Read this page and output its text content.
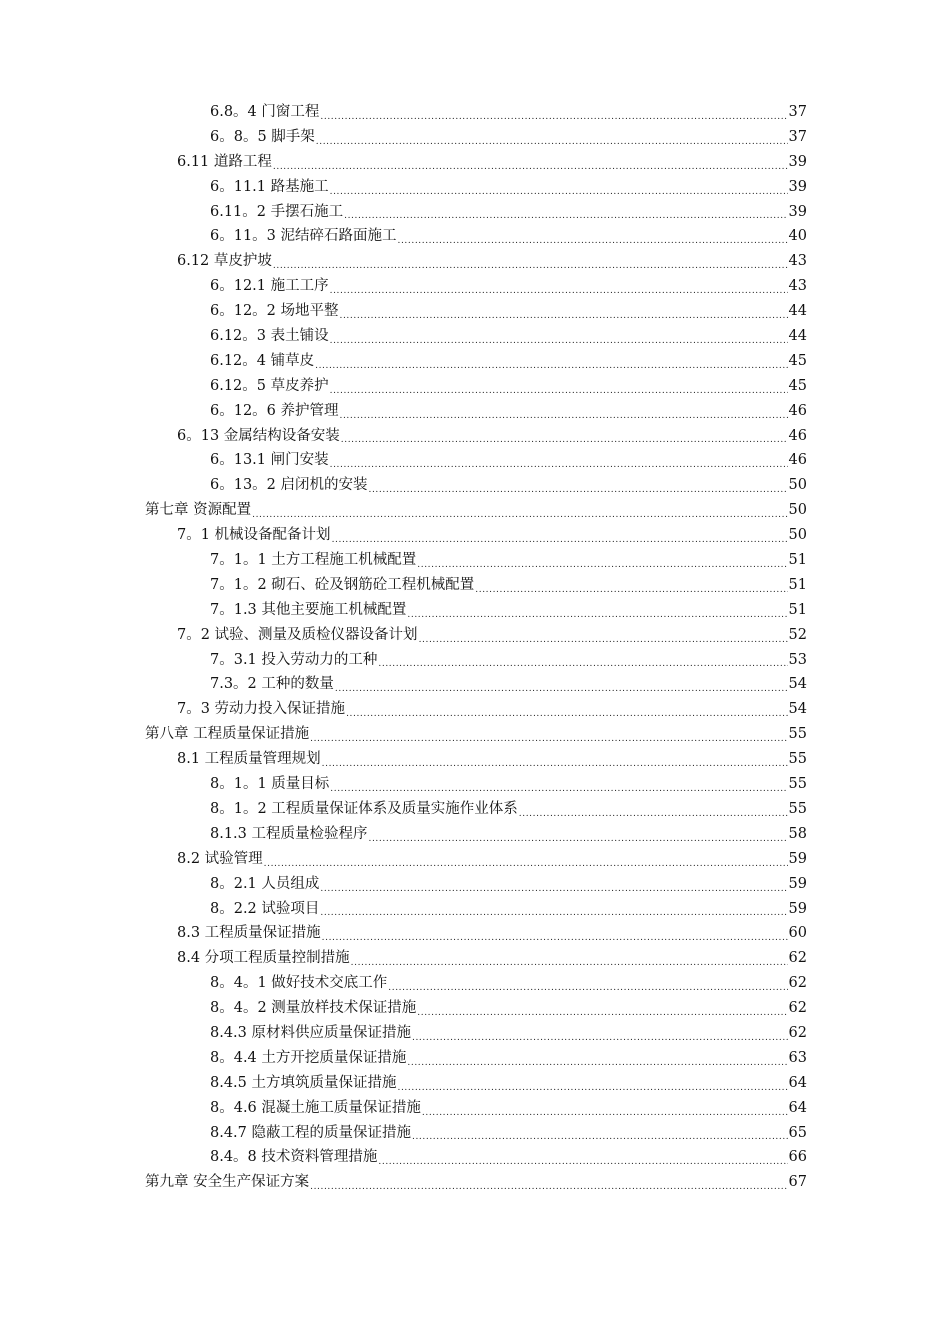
6.8。4 门窗工程 .....	37
6。8。5 脚手架 .....	37
6.11 道路工程 .....	39
6。11.1 路基施工 .....	39
6.11。2 手摆石施工 .....	39
6。11。3 泥结碎石路面施工 .....	40
6.12 草皮护坡 .....	43
6。12.1 施工工序 .....	43
6。12。2 场地平整 .....	44
6.12。3 表土铺设 .....	44
6.12。4 铺草皮 .....	45
6.12。5 草皮养护 .....	45
6。12。6 养护管理 .....	46
6。13 金属结构设备安装 .....	46
6。13.1 闸门安装 .....	46
6。13。2 启闭机的安装 .....	50
第七章 资源配置 .....	50
7。1 机械设备配备计划 .....	50
7。1。1 土方工程施工机械配置 .....	51
7。1。2 砌石、砼及钢筋砼工程机械配置 .....	51
7。1.3 其他主要施工机械配置 .....	51
7。2 试验、测量及质检仪器设备计划 .....	52
7。3.1 投入劳动力的工种 .....	53
7.3。2 工种的数量 .....	54
7。3 劳动力投入保证措施 .....	54
第八章 工程质量保证措施 .....	55
8.1 工程质量管理规划 .....	55
8。1。1 质量目标 .....	55
8。1。2 工程质量保证体系及质量实施作业体系 .....	55
8.1.3 工程质量检验程序 .....	58
8.2 试验管理 .....	59
8。2.1 人员组成 .....	59
8。2.2 试验项目 .....	59
8.3 工程质量保证措施 .....	60
8.4 分项工程质量控制措施 .....	62
8。4。1 做好技术交底工作 .....	62
8。4。2 测量放样技术保证措施 .....	62
8.4.3 原材料供应质量保证措施 .....	62
8。4.4 土方开挖质量保证措施 .....	63
8.4.5 土方填筑质量保证措施 .....	64
8。4.6 混凝土施工质量保证措施 .....	64
8.4.7 隐蔽工程的质量保证措施 .....	65
8.4。8 技术资料管理措施 .....	66
第九章 安全生产保证方案 .....	67
